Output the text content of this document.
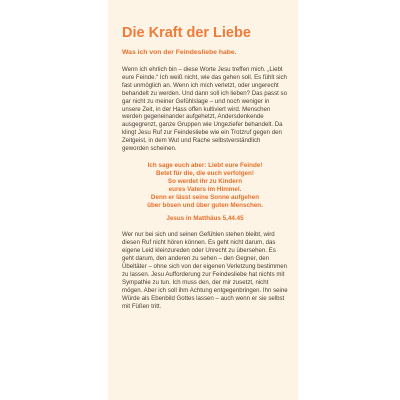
Die Kraft der Liebe

Was ich von der Feindesliebe habe.

Wenn ich ehrlich bin – diese Worte Jesu treffen mich. „Liebt eure Feinde.“ Ich weiß nicht, wie das gehen soll. Es fühlt sich fast unmöglich an. Wenn ich mich verletzt, oder ungerecht behandelt zu werden. Und dann soll ich lieben? Das passt so gar nicht zu meiner Gefühlslage – und noch weniger in unsere Zeit, in der Hass offen kultiviert wird. Menschen werden gegeneinander aufgehetzt, Andersdenkende ausgegrenzt, ganze Gruppen wie Ungeziefer behandelt. Da klingt Jesu Ruf zur Feindesliebe wie ein Trotzruf gegen den Zeitgeist, in dem Wut und Rache selbstverständlich geworden scheinen.

Ich sage euch aber: Liebt eure Feinde!
Betet für die, die euch verfolgen!
So werdet ihr zu Kindern
eures Vaters im Himmel.
Denn er lässt seine Sonne aufgehen
über bösen und über guten Menschen.

Jesus in Matthäus 5,44.45

Wer nur bei sich und seinen Gefühlen stehen bleibt, wird diesen Ruf nicht hören können. Es geht nicht darum, das eigene Leid kleinzureden oder Unrecht zu übersehen. Es geht darum, den anderen zu sehen – den Gegner, den Übeltäter – ohne sich von der eigenen Verletzung bestimmen zu lassen. Jesu Aufforderung zur Feindesliebe hat nichts mit Sympathie zu tun. Ich muss den, der mir zusetzt, nicht mögen. Aber ich soll ihm Achtung entgegenbringen. Ihn seine Würde als Ebenbild Gottes lassen – auch wenn er sie selbst mit Füßen tritt.
